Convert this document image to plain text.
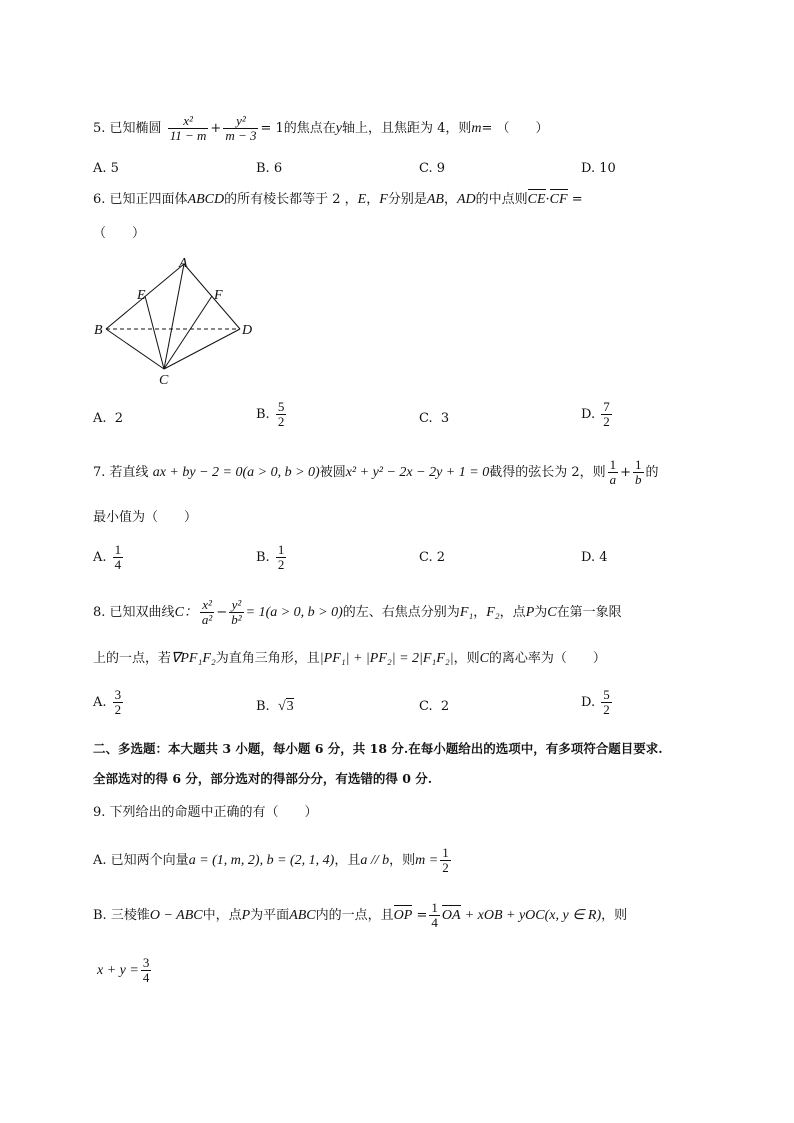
5. 已知椭圆 $\frac{\text{x²}}{11 - m} + \frac{\text{y²}}{m - 3} = 1$的焦点在y轴上，且焦距为 4，则m= （　　）
A. 5	B. 6	C. 9	D. 10
6. 已知正四面体ABCD的所有棱长都等于 2 ，E，F分别是AB，AD的中点则CE·CF =
（　　）
A
E	F
B	D
C
A. 2	B. $\frac{5}{2}$	C. 3	D. $\frac{7}{2}$
7. 若直线 ax + by − 2 = 0(a > 0, b > 0)被圆x² + y² − 2x − 2y + 1 = 0截得的弦长为 2，则 $\frac{1}{a} + \frac{1}{b}$ 的
最小值为（　　）
A. $\frac{1}{4}$	B. $\frac{1}{2}$	C. 2	D. 4
8. 已知双曲线C： $\frac{\text{x²}}{\text{a²}} - \frac{\text{y²}}{\text{b²}} = 1(a > 0$, b > 0)的左、右焦点分别为F₁，F₂，点P为C在第一象限
上的一点，若∇PF₁F₂为直角三角形，且|PF₁| + |PF₂| = 2|F₁F₂|，则C的离心率为（　　）
A. $\frac{3}{2}$	B. √3	C. 2	D. $\frac{5}{2}$
二、多选题：本大题共 3 小题，每小题 6 分，共 18 分.在每小题给出的选项中，有多项符合题目要求.
全部选对的得 6 分，部分选对的得部分分，有选错的得 0 分.
9. 下列给出的命题中正确的有（　　）
A. 已知两个向量a = (1, m, 2), b = (2, 1, 4)，且a // b，则$m = \frac{1}{2}$
B. 三棱锥O − ABC中，点P为平面ABC内的一点，且OP = $\frac{1}{4}$ OA + xOB + yOC(x, y ∈ R)，则
$x + y = \frac{3}{4}$
